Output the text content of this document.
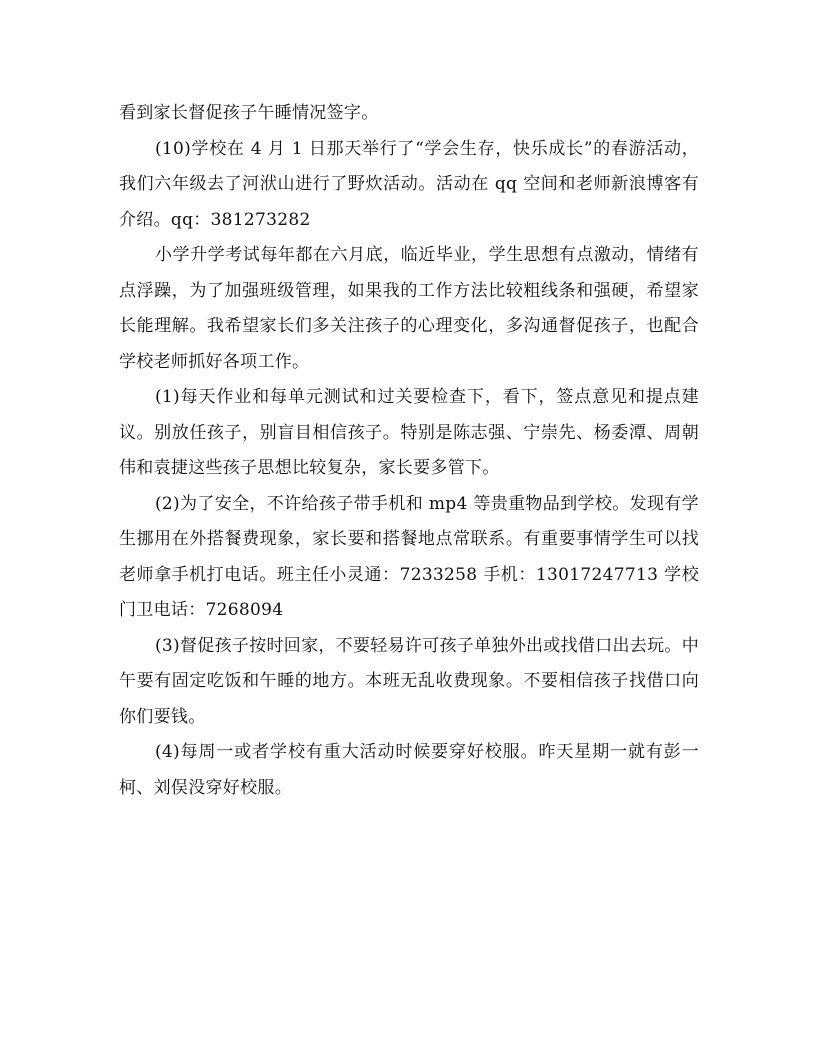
看到家长督促孩子午睡情况签字。

(10)学校在 4 月 1 日那天举行了“学会生存，快乐成长”的春游活动，我们六年级去了河洑山进行了野炊活动。活动在 qq 空间和老师新浪博客有介绍。qq：381273282

小学升学考试每年都在六月底，临近毕业，学生思想有点激动，情绪有点浮躁，为了加强班级管理，如果我的工作方法比较粗线条和强硬，希望家长能理解。我希望家长们多关注孩子的心理变化，多沟通督促孩子，也配合学校老师抓好各项工作。

(1)每天作业和每单元测试和过关要检查下，看下，签点意见和提点建议。别放任孩子，别盲目相信孩子。特别是陈志强、宁崇先、杨委潭、周朝伟和袁捷这些孩子思想比较复杂，家长要多管下。

(2)为了安全，不许给孩子带手机和 mp4 等贵重物品到学校。发现有学生挪用在外搭餐费现象，家长要和搭餐地点常联系。有重要事情学生可以找老师拿手机打电话。班主任小灵通：7233258 手机：13017247713 学校门卫电话：7268094

(3)督促孩子按时回家，不要轻易许可孩子单独外出或找借口出去玩。中午要有固定吃饭和午睡的地方。本班无乱收费现象。不要相信孩子找借口向你们要钱。

(4)每周一或者学校有重大活动时候要穿好校服。昨天星期一就有彭一柯、刘俣没穿好校服。
